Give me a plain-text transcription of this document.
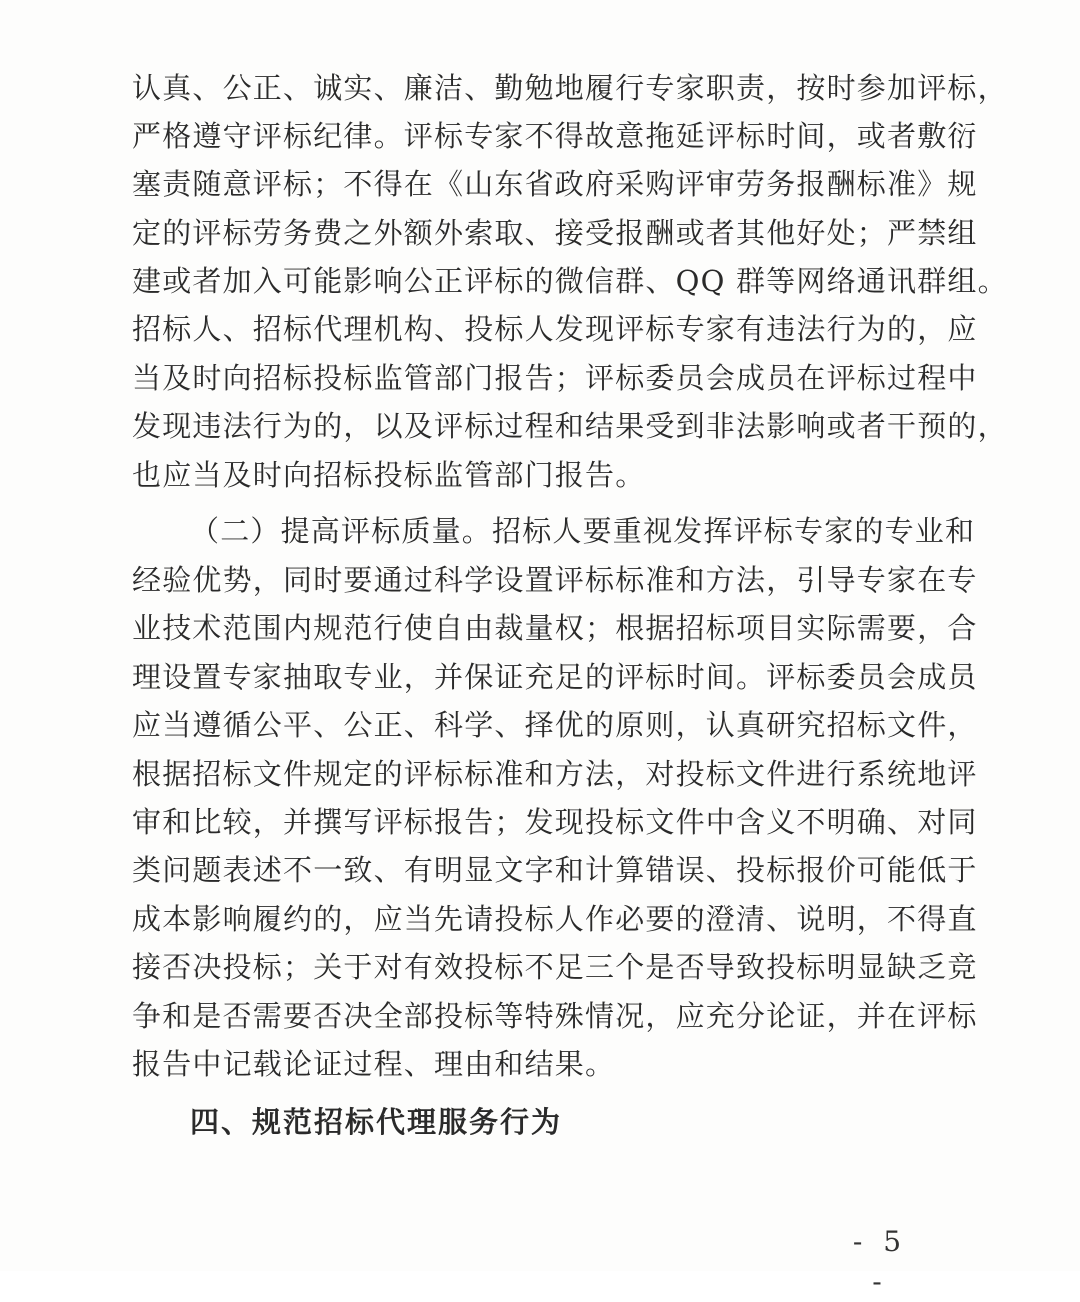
认真、公正、诚实、廉洁、勤勉地履行专家职责，按时参加评标，
严格遵守评标纪律。评标专家不得故意拖延评标时间，或者敷衍
塞责随意评标；不得在《山东省政府采购评审劳务报酬标准》规
定的评标劳务费之外额外索取、接受报酬或者其他好处；严禁组
建或者加入可能影响公正评标的微信群、QQ 群等网络通讯群组。
招标人、招标代理机构、投标人发现评标专家有违法行为的，应
当及时向招标投标监管部门报告；评标委员会成员在评标过程中
发现违法行为的，以及评标过程和结果受到非法影响或者干预的，
也应当及时向招标投标监管部门报告。
（二）提高评标质量。招标人要重视发挥评标专家的专业和
经验优势，同时要通过科学设置评标标准和方法，引导专家在专
业技术范围内规范行使自由裁量权；根据招标项目实际需要，合
理设置专家抽取专业，并保证充足的评标时间。评标委员会成员
应当遵循公平、公正、科学、择优的原则，认真研究招标文件，
根据招标文件规定的评标标准和方法，对投标文件进行系统地评
审和比较，并撰写评标报告；发现投标文件中含义不明确、对同
类问题表述不一致、有明显文字和计算错误、投标报价可能低于
成本影响履约的，应当先请投标人作必要的澄清、说明，不得直
接否决投标；关于对有效投标不足三个是否导致投标明显缺乏竞
争和是否需要否决全部投标等特殊情况，应充分论证，并在评标
报告中记载论证过程、理由和结果。
四、规范招标代理服务行为
- 5 -
